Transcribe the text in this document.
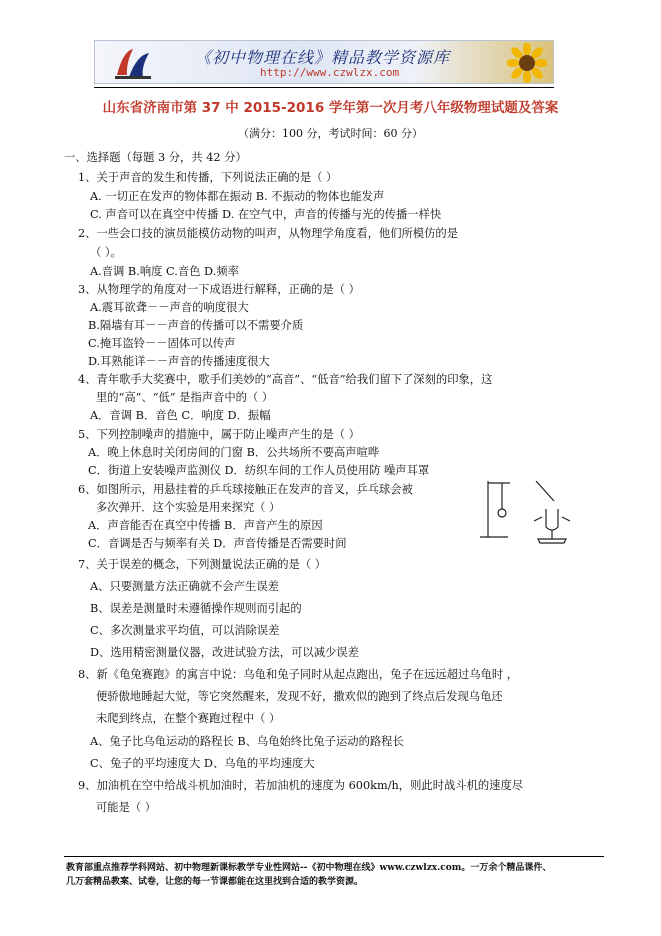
《初中物理在线》精品教学资源库
http://www.czwlzx.com
山东省济南市第 37 中 2015-2016 学年第一次月考八年级物理试题及答案
（满分：100 分，考试时间：60 分）
一、选择题（每题 3 分，共 42 分）
1、关于声音的发生和传播，下列说法正确的是（ ）
A. 一切正在发声的物体都在振动 B. 不振动的物体也能发声
C. 声音可以在真空中传播 D. 在空气中，声音的传播与光的传播一样快
2、一些会口技的演员能模仿动物的叫声，从物理学角度看，他们所模仿的是
（ ）。
A.音调 B.响度 C.音色 D.频率
3、从物理学的角度对一下成语进行解释，正确的是（ ）
A.震耳欲聋－－声音的响度很大
B.隔墙有耳－－声音的传播可以不需要介质
C.掩耳盗铃－－固体可以传声
D.耳熟能详－－声音的传播速度很大
4、青年歌手大奖赛中，歌手们美妙的“高音”、“低音”给我们留下了深刻的印象，这
里的“高”、“低” 是指声音中的（ ）
A．音调 B．音色 C．响度 D．振幅
5、下列控制噪声的措施中，属于防止噪声产生的是（ ）
A．晚上休息时关闭房间的门窗 B．公共场所不要高声喧哗
C．街道上安装噪声监测仪 D．纺织车间的工作人员使用防 噪声耳罩
6、如图所示，用悬挂着的乒乓球接触正在发声的音叉，乒乓球会被
多次弹开．这个实验是用来探究（ ）
A．声音能否在真空中传播 B．声音产生的原因
C．音调是否与频率有关 D．声音传播是否需要时间
7、关于误差的概念，下列测量说法正确的是（ ）
A、只要测量方法正确就不会产生误差
B、误差是测量时未遵循操作规则而引起的
C、多次测量求平均值，可以消除误差
D、选用精密测量仪器，改进试验方法，可以减少误差
8、新《龟兔赛跑》的寓言中说：乌龟和兔子同时从起点跑出，兔子在远远超过乌龟时 ，
便骄傲地睡起大觉，等它突然醒来，发现不好，撒欢似的跑到了终点后发现乌龟还
未爬到终点，在整个赛跑过程中（ ）
A、兔子比乌龟运动的路程长 B、乌龟始终比兔子运动的路程长
C、兔子的平均速度大 D、乌龟的平均速度大
9、加油机在空中给战斗机加油时，若加油机的速度为 600km/h，则此时战斗机的速度尽
可能是（ ）
教育部重点推荐学科网站、初中物理新课标教学专业性网站--《初中物理在线》www.czwlzx.com。一万余个精品课件、
几万套精品教案、试卷，让您的每一节课都能在这里找到合适的教学资源。
